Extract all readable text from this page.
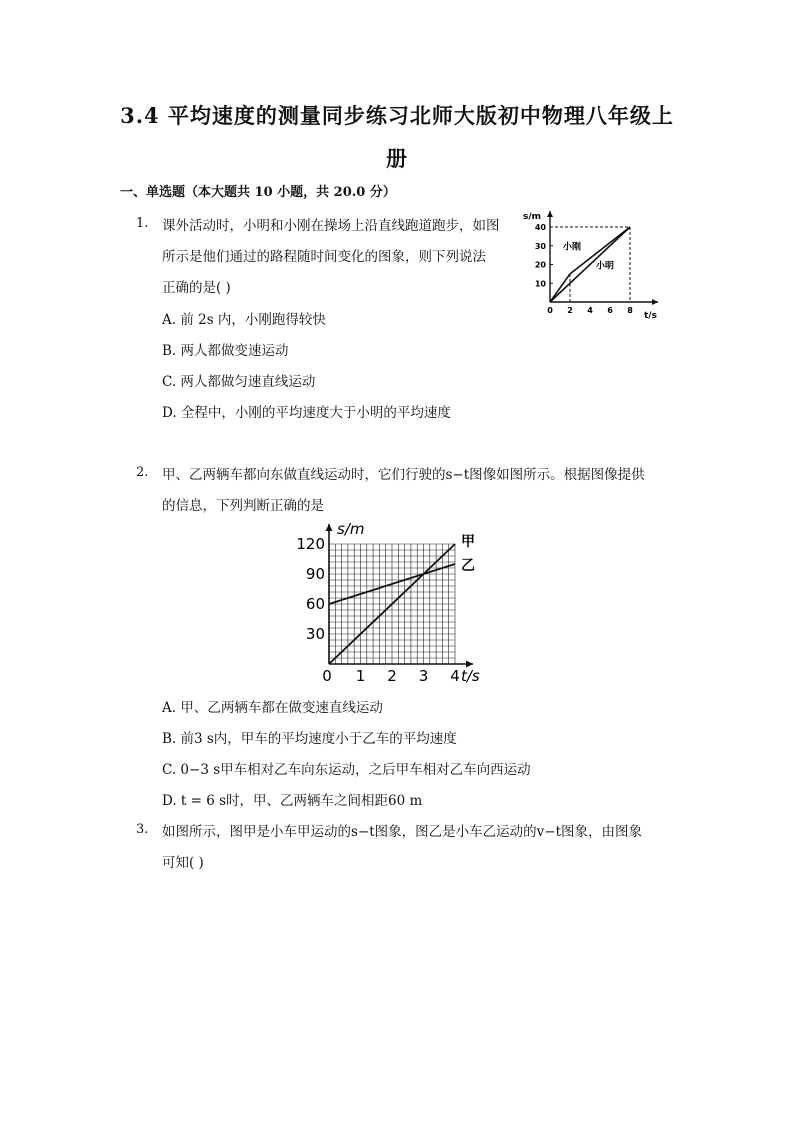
3.4 平均速度的测量同步练习北师大版初中物理八年级上
册
一、单选题（本大题共 10 小题，共 20.0 分）
1. 课外活动时，小明和小刚在操场上沿直线跑道跑步，如图
所示是他们通过的路程随时间变化的图象，则下列说法
正确的是( )
A. 前 2s 内，小刚跑得较快
B. 两人都做变速运动
C. 两人都做匀速直线运动
D. 全程中，小刚的平均速度大于小明的平均速度
s/m
t/s
0 2 4 6 8
10
20
30
40
小刚
小明
2. 甲、乙两辆车都向东做直线运动时，它们行驶的s−t图像如图所示。根据图像提供
的信息，下列判断正确的是
s/m
t/s
0 1 2 3 4
30
60
90
120	甲
乙
A. 甲、乙两辆车都在做变速直线运动
B. 前3 s内，甲车的平均速度小于乙车的平均速度
C. 0−3 s甲车相对乙车向东运动，之后甲车相对乙车向西运动
D. t = 6 s时，甲、乙两辆车之间相距60 m
3. 如图所示，图甲是小车甲运动的s−t图象，图乙是小车乙运动的v−t图象，由图象
可知( )
